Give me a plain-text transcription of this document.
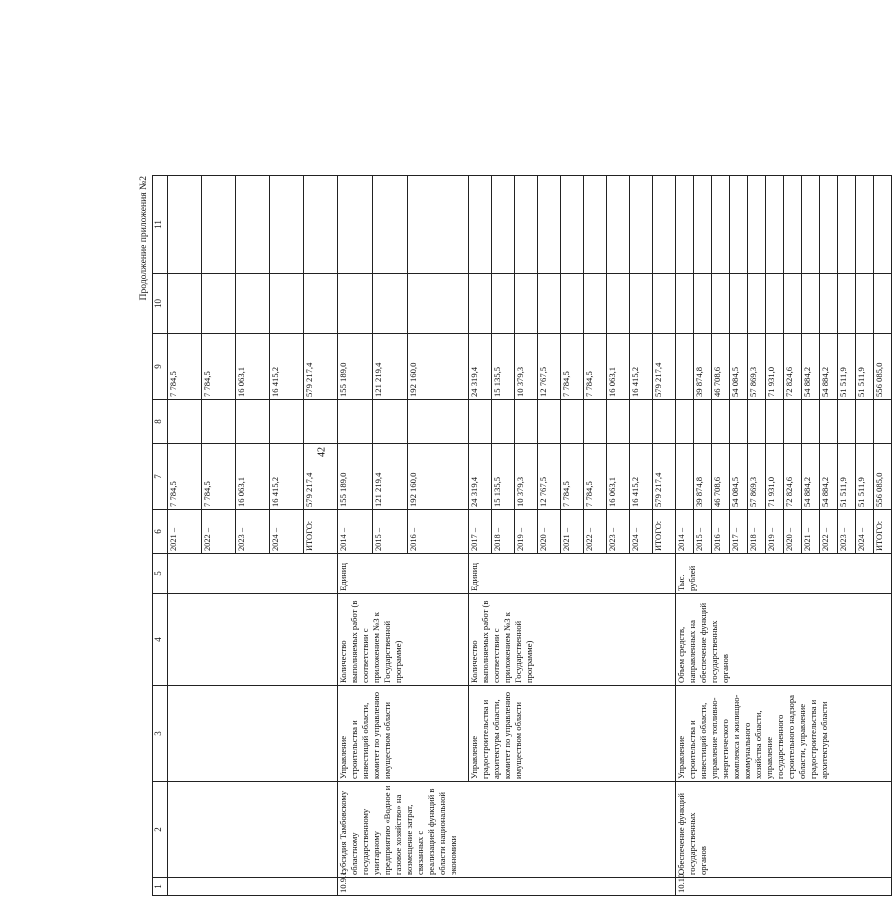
42
Продолжение приложения №2
1	2	3	4	5	6	7	8	9	10	11
					2021 –	7 784,5		7 784,5		
					2022 –	7 784,5		7 784,5		
					2023 –	16 063,1		16 063,1		
					2024 –	16 415,2		16 415,2		
					ИТОГО:	579 217,4		579 217,4		
10.9.1.	субсидия Тамбовскому областному государственному унитарному предприятию «Водное и газовое хозяйство» на возмещение затрат, связанных с реализацией функций в области национальной экономики	Управление строительства и инвестиций области, комитет по управлению имуществом области	Количество выполняемых работ (в соответствии с приложением №3 к Государственной программе)	Единиц	2014 –	155 189,0		155 189,0		
					2015 –	121 219,4		121 219,4		
					2016 –	192 160,0		192 160,0		
		Управление градостроительства и архитектуры области, комитет по управлению имуществом области	Количество выполняемых работ (в соответствии с приложением №3 к Государственной программе)	Единиц	2017 –	24 319,4		24 319,4		
					2018 –	15 135,5		15 135,5		
					2019 –	10 379,3		10 379,3		
					2020 –	12 767,5		12 767,5		
					2021 –	7 784,5		7 784,5		
					2022 –	7 784,5		7 784,5		
					2023 –	16 063,1		16 063,1		
					2024 –	16 415,2		16 415,2		
					ИТОГО:	579 217,4		579 217,4		
10.10.	Обеспечение функций государственных органов	Управление строительства и инвестиций области, управление топливно-энергетического комплекса и жилищно-коммунального хозяйства области, управление государственного строительного надзора области, управление градостроительства и архитектуры области	Объем средств, направленных на обеспечение функций государственных органов	Тыс. рублей	2014 –					
					2015 –	39 874,8		39 874,8		
					2016 –	46 708,6		46 708,6		
					2017 –	54 084,5		54 084,5		
					2018 –	57 869,3		57 869,3		
					2019 –	71 931,0		71 931,0		
					2020 –	72 824,6		72 824,6		
					2021 –	54 884,2		54 884,2		
					2022 –	54 884,2		54 884,2		
					2023 –	51 511,9		51 511,9		
					2024 –	51 511,9		51 511,9		
					ИТОГО:	556 085,0		556 085,0		
